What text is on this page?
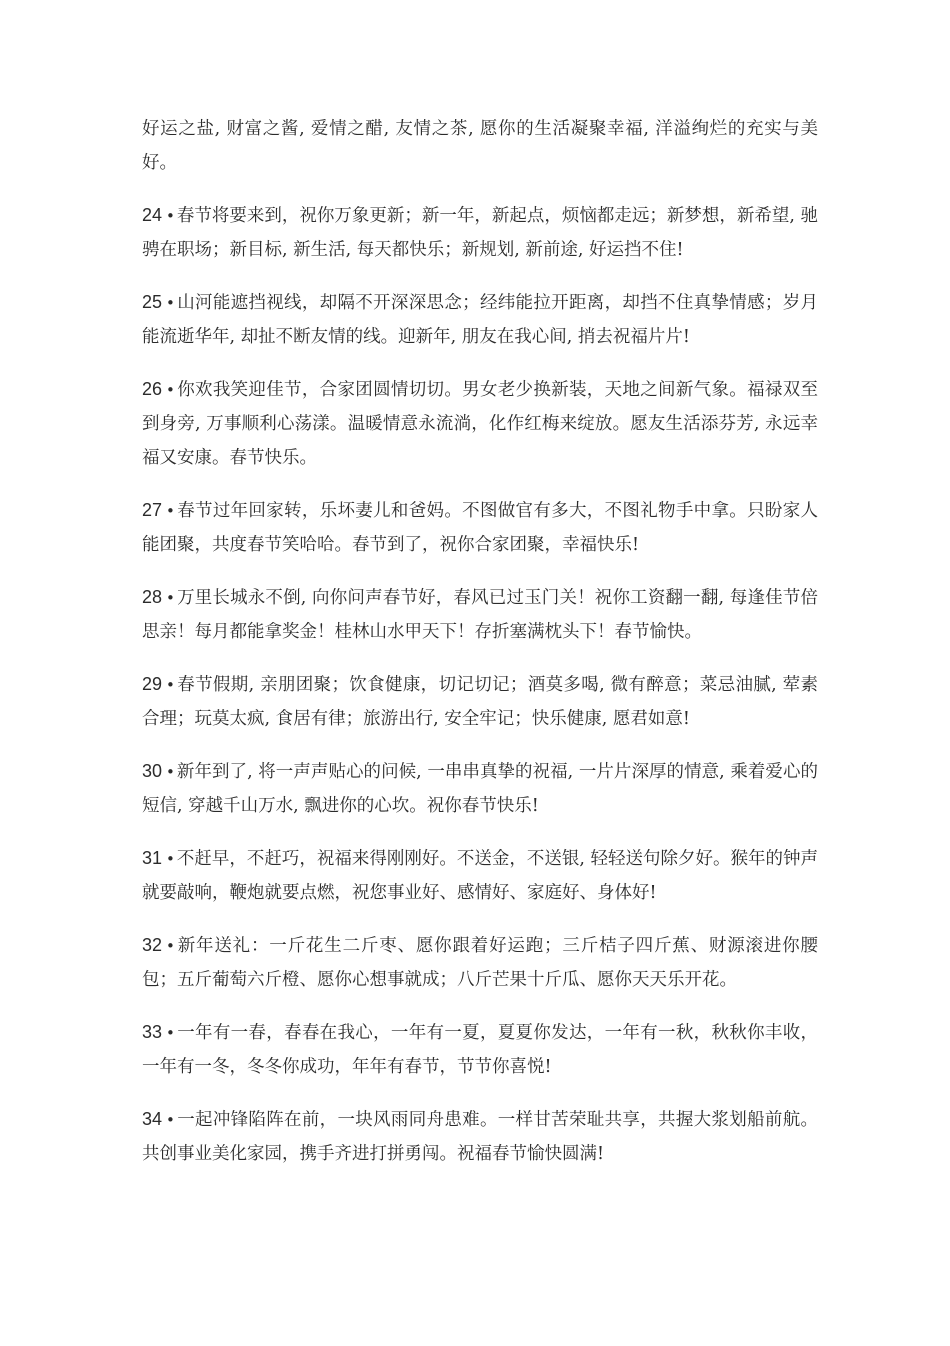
好运之盐, 财富之酱, 爱情之醋, 友情之茶, 愿你的生活凝聚幸福, 洋溢绚烂的充实与美好。

24 • 春节将要来到，祝你万象更新；新一年，新起点，烦恼都走远；新梦想，新希望, 驰骋在职场；新目标, 新生活, 每天都快乐；新规划, 新前途, 好运挡不住!

25 • 山河能遮挡视线，却隔不开深深思念；经纬能拉开距离，却挡不住真挚情感；岁月能流逝华年, 却扯不断友情的线。迎新年, 朋友在我心间, 捎去祝福片片!

26 • 你欢我笑迎佳节，合家团圆情切切。男女老少换新装，天地之间新气象。福禄双至到身旁, 万事顺利心荡漾。温暖情意永流淌，化作红梅来绽放。愿友生活添芬芳, 永远幸福又安康。春节快乐。

27 • 春节过年回家转，乐坏妻儿和爸妈。不图做官有多大，不图礼物手中拿。只盼家人能团聚，共度春节笑哈哈。春节到了，祝你合家团聚，幸福快乐!

28 • 万里长城永不倒, 向你问声春节好，春风已过玉门关！祝你工资翻一翻, 每逢佳节倍思亲！每月都能拿奖金！桂林山水甲天下！存折塞满枕头下！春节愉快。

29 • 春节假期, 亲朋团聚；饮食健康，切记切记；酒莫多喝, 微有醉意；菜忌油腻, 荤素合理；玩莫太疯, 食居有律；旅游出行, 安全牢记；快乐健康, 愿君如意!

30 • 新年到了, 将一声声贴心的问候, 一串串真挚的祝福, 一片片深厚的情意, 乘着爱心的短信, 穿越千山万水, 飘进你的心坎。祝你春节快乐!

31 • 不赶早，不赶巧，祝福来得刚刚好。不送金，不送银, 轻轻送句除夕好。猴年的钟声就要敲响，鞭炮就要点燃，祝您事业好、感情好、家庭好、身体好!

32 • 新年送礼：一斤花生二斤枣、愿你跟着好运跑；三斤桔子四斤蕉、财源滚进你腰包；五斤葡萄六斤橙、愿你心想事就成；八斤芒果十斤瓜、愿你天天乐开花。

33 • 一年有一春，春春在我心，一年有一夏，夏夏你发达，一年有一秋，秋秋你丰收，一年有一冬，冬冬你成功，年年有春节，节节你喜悦!

34 • 一起冲锋陷阵在前，一块风雨同舟患难。一样甘苦荣耻共享，共握大浆划船前航。共创事业美化家园，携手齐进打拼勇闯。祝福春节愉快圆满!
